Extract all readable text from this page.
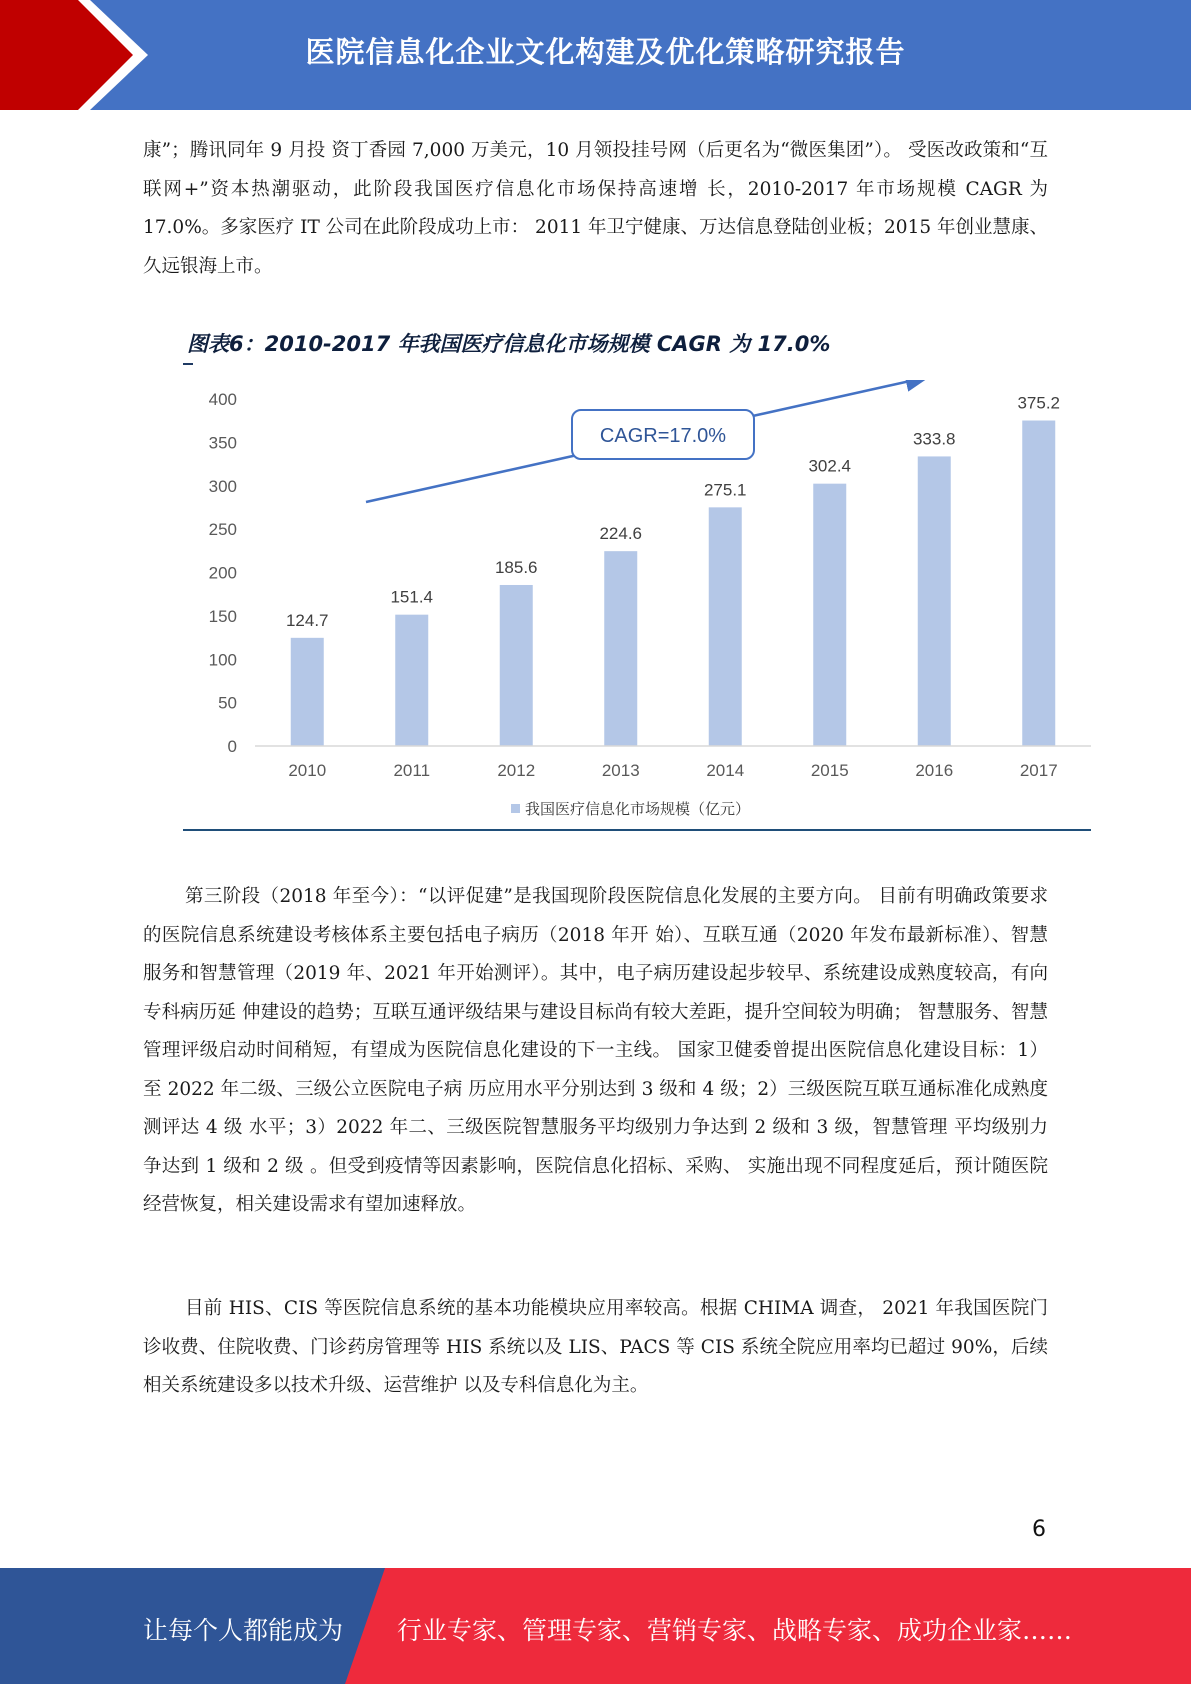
医院信息化企业文化构建及优化策略研究报告

康”；腾讯同年 9 月投 资丁香园 7,000 万美元，10 月领投挂号网（后更名为“微医集团”）。 受医改政策和“互联网+”资本热潮驱动，此阶段我国医疗信息化市场保持高速增 长，2010-2017 年市场规模 CAGR 为 17.0%。多家医疗 IT 公司在此阶段成功上市： 2011 年卫宁健康、万达信息登陆创业板；2015 年创业慧康、久远银海上市。

图表6：2010-2017 年我国医疗信息化市场规模 CAGR 为 17.0%
0
50
100
150
200
250
300
350
400
124.7
151.4
185.6
224.6
275.1
302.4
333.8
375.2
2010	2011	2012	2013	2014	2015	2016	2017
CAGR=17.0%
我国医疗信息化市场规模（亿元）

第三阶段（2018 年至今）：“以评促建”是我国现阶段医院信息化发展的主要方向。 目前有明确政策要求的医院信息系统建设考核体系主要包括电子病历（2018 年开 始）、互联互通（2020 年发布最新标准）、智慧服务和智慧管理（2019 年、2021 年开始测评）。其中，电子病历建设起步较早、系统建设成熟度较高，有向专科病历延 伸建设的趋势；互联互通评级结果与建设目标尚有较大差距，提升空间较为明确； 智慧服务、智慧管理评级启动时间稍短，有望成为医院信息化建设的下一主线。 国家卫健委曾提出医院信息化建设目标：1）至 2022 年二级、三级公立医院电子病 历应用水平分别达到 3 级和 4 级；2）三级医院互联互通标准化成熟度测评达 4 级 水平；3）2022 年二、三级医院智慧服务平均级别力争达到 2 级和 3 级，智慧管理 平均级别力争达到 1 级和 2 级 。但受到疫情等因素影响，医院信息化招标、采购、 实施出现不同程度延后，预计随医院经营恢复，相关建设需求有望加速释放。

目前 HIS、CIS 等医院信息系统的基本功能模块应用率较高。根据 CHIMA 调查， 2021 年我国医院门诊收费、住院收费、门诊药房管理等 HIS 系统以及 LIS、PACS 等 CIS 系统全院应用率均已超过 90%，后续相关系统建设多以技术升级、运营维护 以及专科信息化为主。

6
让每个人都能成为 行业专家、管理专家、营销专家、战略专家、成功企业家……
